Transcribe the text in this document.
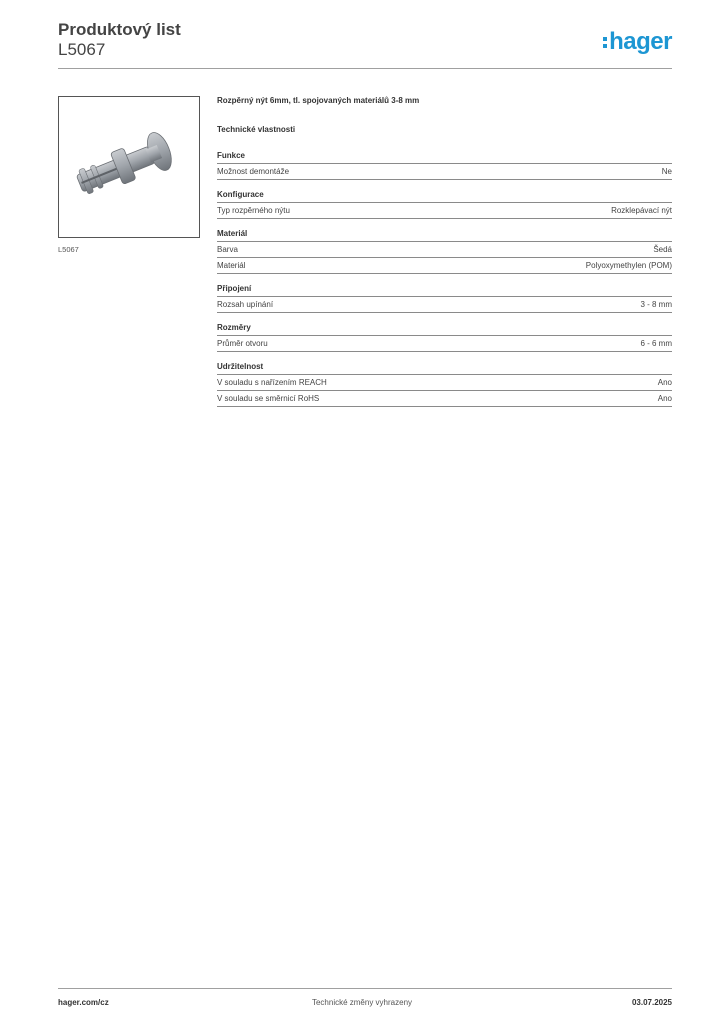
Produktový list
L5067	hager
L5067
Rozpěrný nýt 6mm, tl. spojovaných materiálů 3-8 mm
Technické vlastnosti
Funkce
Možnost demontáže	Ne
Konfigurace
Typ rozpěrného nýtu	Rozklepávací nýt
Materiál
Barva	Šedá
Materiál	Polyoxymethylen (POM)
Připojení
Rozsah upínání	3 - 8 mm
Rozměry
Průměr otvoru	6 - 6 mm
Udržitelnost
V souladu s nařízením REACH	Ano
V souladu se směrnicí RoHS	Ano
hager.com/cz	Technické změny vyhrazeny	03.07.2025
